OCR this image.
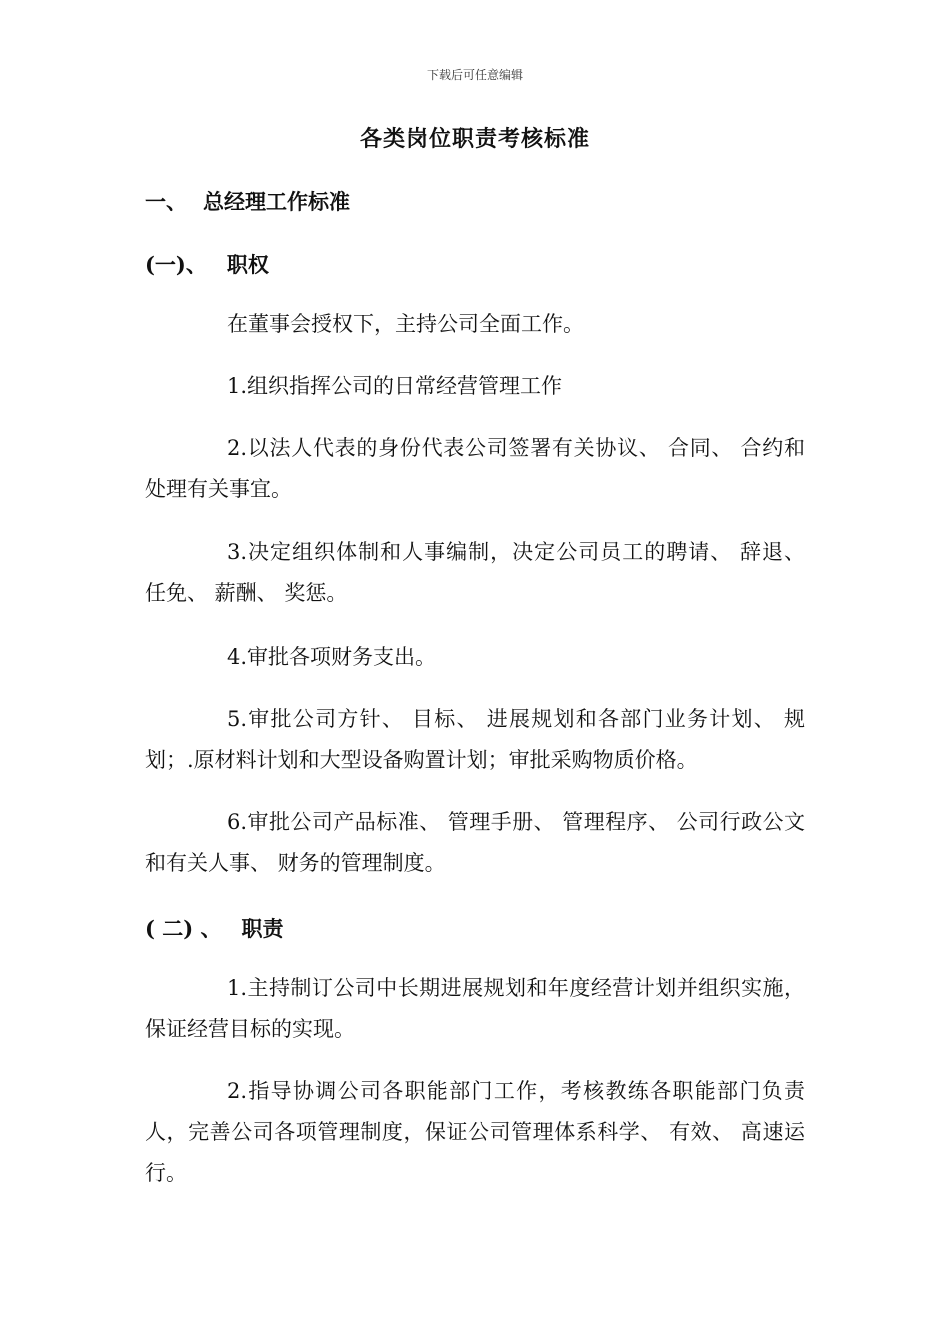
下载后可任意编辑
各类岗位职责考核标准
一、 总经理工作标准
(一)、 职权

在董事会授权下，主持公司全面工作。

1.组织指挥公司的日常经营管理工作

2.以法人代表的身份代表公司签署有关协议、 合同、 合约和处理有关事宜。

3.决定组织体制和人事编制，决定公司员工的聘请、 辞退、 任免、 薪酬、 奖惩。

4.审批各项财务支出。

5.审批公司方针、 目标、 进展规划和各部门业务计划、 规划；.原材料计划和大型设备购置计划；审批采购物质价格。

6.审批公司产品标准、 管理手册、 管理程序、 公司行政公文和有关人事、 财务的管理制度。

( 二) 、 职责

1.主持制订公司中长期进展规划和年度经营计划并组织实施，保证经营目标的实现。

2.指导协调公司各职能部门工作，考核教练各职能部门负责人，完善公司各项管理制度，保证公司管理体系科学、 有效、 高速运行。
